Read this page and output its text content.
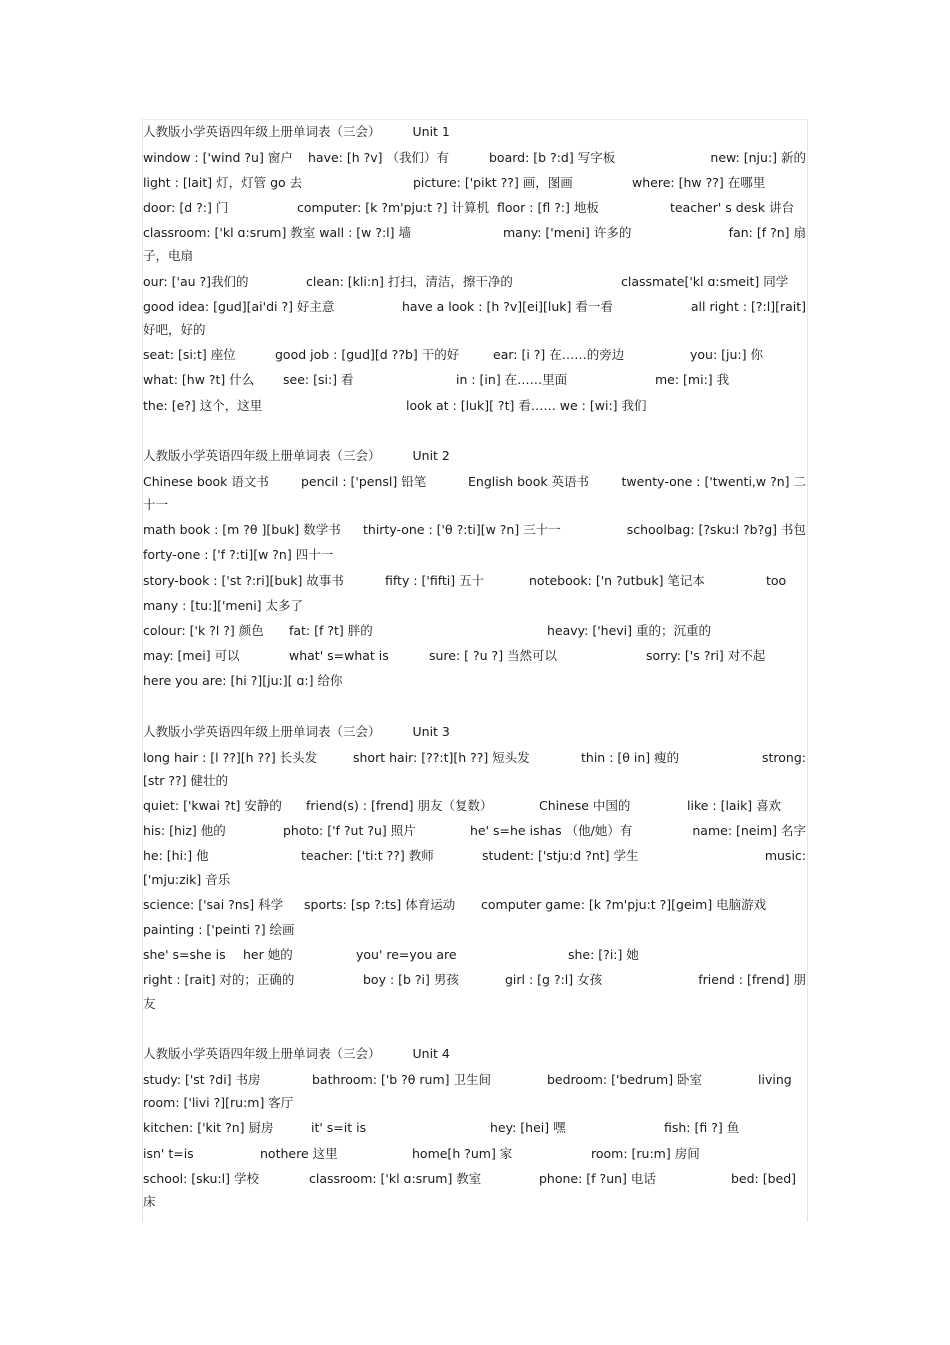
人教版小学英语四年级上册单词表（三会）	Unit 1
window : ['wind ?u] 窗户 have: [h ?v] （我们）有	board: [b ?:d] 写字板	new: [nju:] 新的
light : [lait] 灯，灯管 go 去	picture: ['pikt ??] 画，图画	where: [hw ??] 在哪里
door: [d ?:] 门	computer: [k ?m'pju:t ?] 计算机 floor : [fl ?:] 地板	teacher' s desk 讲台
classroom: ['kl ɑ:srum] 教室 wall : [w ?:l] 墙	many: ['meni] 许多的	fan: [f ?n] 扇
子，电扇
our: ['au ?]我们的	clean: [kli:n] 打扫，清洁，擦干净的	classmate['kl ɑ:smeit] 同学
good idea: [gud][ai'di ?] 好主意	have a look : [h ?v][ei][luk] 看一看	all right : [?:l][rait]
好吧，好的
seat: [si:t] 座位	good job : [gud][d ??b] 干的好	ear: [i ?] 在……的旁边	you: [ju:] 你
what: [hw ?t] 什么 see: [si:] 看	in : [in] 在……里面	me: [mi:] 我
the: [e?] 这个，这里	look at : [luk][ ?t] 看…… we : [wi:] 我们
人教版小学英语四年级上册单词表（三会）	Unit 2
Chinese book 语文书	pencil : ['pensl] 铅笔	English book 英语书	twenty-one : ['twenti,w ?n] 二
十一
math book : [m ?θ ][buk] 数学书 thirty-one : ['θ ?:ti][w ?n] 三十一	schoolbag: [?sku:l ?b?g] 书包
forty-one : ['f ?:ti][w ?n] 四十一
story-book : ['st ?:ri][buk] 故事书	fifty : ['fifti] 五十	notebook: ['n ?utbuk] 笔记本	too
many : [tu:]['meni] 太多了
colour: ['k ?l ?] 颜色 fat: [f ?t] 胖的	heavy: ['hevi] 重的；沉重的
may: [mei] 可以	what' s=what is	sure: [ ?u ?] 当然可以	sorry: ['s ?ri] 对不起
here you are: [hi ?][ju:][ ɑ:] 给你
人教版小学英语四年级上册单词表（三会）	Unit 3
long hair : [l ??][h ??] 长头发	short hair: [??:t][h ??] 短头发	thin : [θ in] 瘦的	strong:
[str ??] 健壮的
quiet: ['kwai ?t] 安静的 friend(s) : [frend] 朋友（复数）	Chinese 中国的	like : [laik] 喜欢
his: [hiz] 他的	photo: ['f ?ut ?u] 照片	he' s=he ishas （他/她）有	name: [neim] 名字
he: [hi:] 他	teacher: ['ti:t ??] 教师	student: ['stju:d ?nt] 学生	music:
['mju:zik] 音乐
science: ['sai ?ns] 科学 sports: [sp ?:ts] 体育运动 computer game: [k ?m'pju:t ?][geim] 电脑游戏
painting : ['peinti ?] 绘画
she' s=she is her 她的	you' re=you are	she: [?i:] 她
right : [rait] 对的；正确的	boy : [b ?i] 男孩	girl : [g ?:l] 女孩	friend : [frend] 朋
友
人教版小学英语四年级上册单词表（三会）	Unit 4
study: ['st ?di] 书房	bathroom: ['b ?θ rum] 卫生间	bedroom: ['bedrum] 卧室	living
room: ['livi ?][ru:m] 客厅
kitchen: ['kit ?n] 厨房	it' s=it is	hey: [hei] 嘿	fish: [fi ?] 鱼
isn' t=is	nothere 这里	home[h ?um] 家	room: [ru:m] 房间
school: [sku:l] 学校	classroom: ['kl ɑ:srum] 教室	phone: [f ?un] 电话	bed: [bed]
床
